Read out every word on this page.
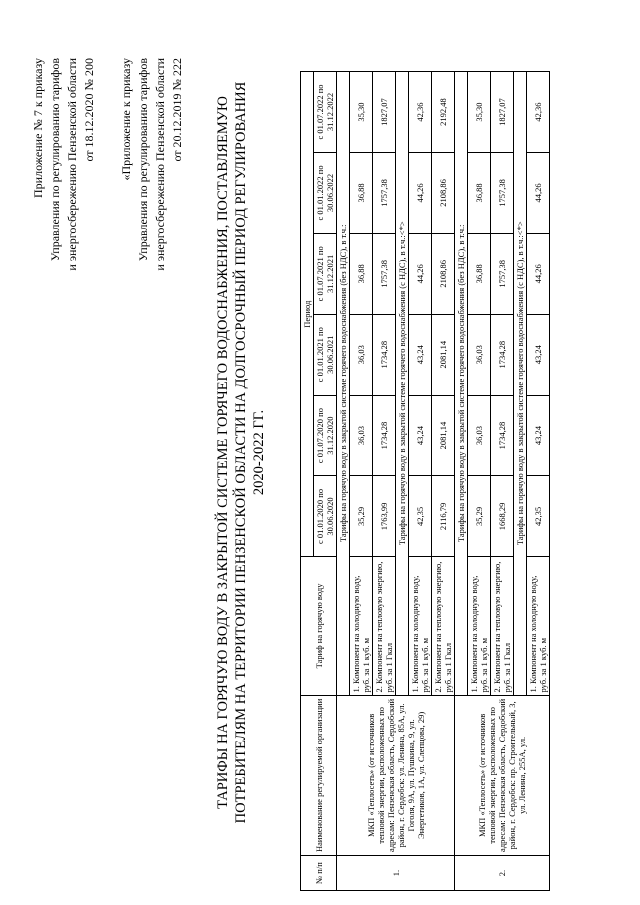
Приложение № 7 к приказу Управления по регулированию тарифов и энергосбережению Пензенской области от 18.12.2020 № 200 «Приложение к приказу Управления по регулированию тарифов и энергосбережению Пензенской области от 20.12.2019 № 222 ТАРИФЫ НА ГОРЯЧУЮ ВОДУ В ЗАКРЫТОЙ СИСТЕМЕ ГОРЯЧЕГО ВОДОСНАБЖЕНИЯ, ПОСТАВЛЯЕМУЮ ПОТРЕБИТЕЛЯМ НА ТЕРРИТОРИИ ПЕНЗЕНСКОЙ ОБЛАСТИ НА ДОЛГОСРОЧНЫЙ ПЕРИОД РЕГУЛИРОВАНИЯ 2020-2022 ГГ.
№ п/п	Наименование регулируемой организации	Тариф на горячую воду	Период					
			с 01.01.2020 по 30.06.2020	с 01.07.2020 по 31.12.2020	с 01.01.2021 по 30.06.2021	с 01.07.2021 по 31.12.2021	с 01.01.2022 по 30.06.2022	с 01.07.2022 по 31.12.2022
1.	МКП «Теплосеть» (от источников тепловой энергии, расположенных по адресам: Пензенская область, Сердобский район, г. Сердобск: ул. Ленина, 85А, ул. Гоголя, 9А, ул. Пушкина, 9, ул. Энергетиков, 1А, ул. Слепцова, 29)	Тарифы на горячую воду в закрытой системе горячего водоснабжения (без НДС), в т.ч.:						
		1. Компонент на холодную воду, руб. за 1 куб. м	35,29	36,03	36,03	36,88	36,88	35,30
		2. Компонент на тепловую энергию, руб. за 1 Гкал	1763,99	1734,28	1734,28	1757,38	1757,38	1827,07
		Тарифы на горячую воду в закрытой системе горячего водоснабжения (с НДС), в т.ч.:<*>						
		1. Компонент на холодную воду, руб. за 1 куб. м	42,35	43,24	43,24	44,26	44,26	42,36
		2. Компонент на тепловую энергию, руб. за 1 Гкал	2116,79	2081,14	2081,14	2108,86	2108,86	2192,48
2.	МКП «Теплосеть» (от источников тепловой энергии, расположенных по адресам: Пензенская область, Сердобский район, г. Сердобск: пр. Строительный, 3, ул. Ленина, 255А, ул.	Тарифы на горячую воду в закрытой системе горячего водоснабжения (без НДС), в т.ч.:						
		1. Компонент на холодную воду, руб. за 1 куб. м	35,29	36,03	36,03	36,88	36,88	35,30
		2. Компонент на тепловую энергию, руб. за 1 Гкал	1668,29	1734,28	1734,28	1757,38	1757,38	1827,07
		Тарифы на горячую воду в закрытой системе горячего водоснабжения (с НДС), в т.ч.:<*>						
		1. Компонент на холодную воду, руб. за 1 куб. м	42,35	43,24	43,24	44,26	44,26	42,36
